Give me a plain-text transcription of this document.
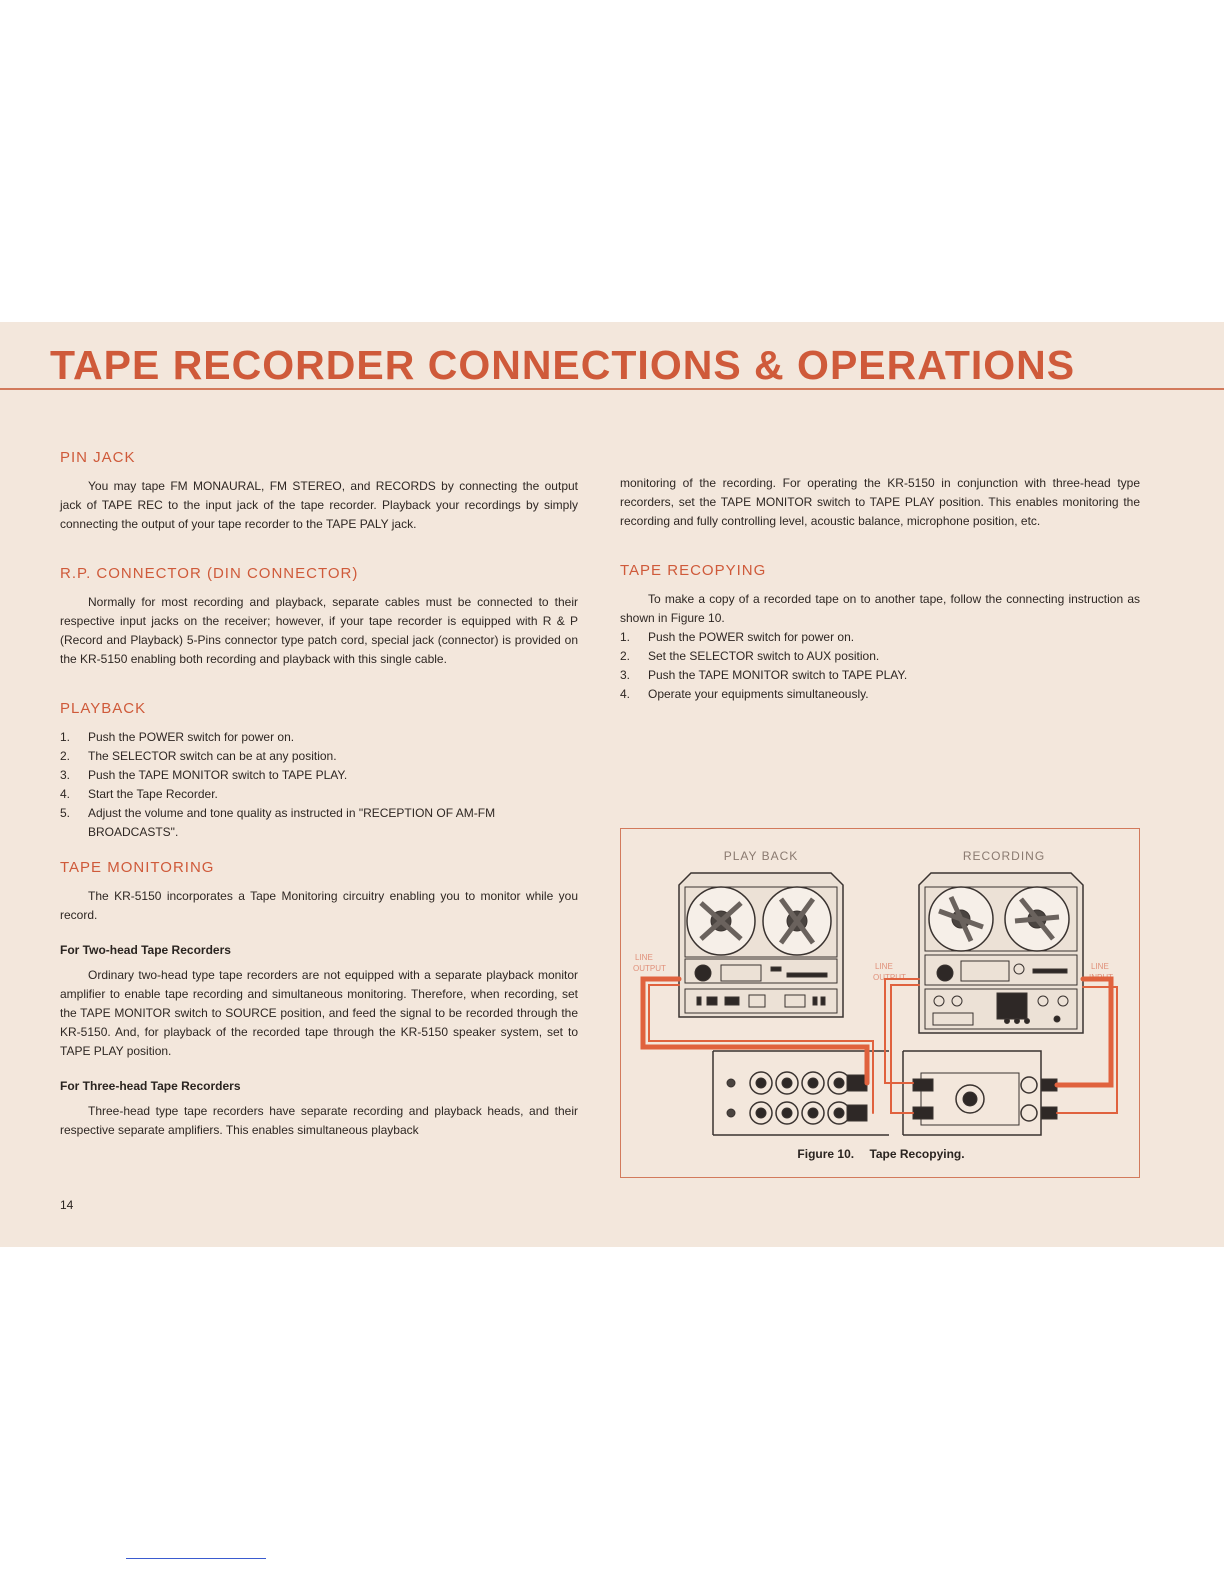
TAPE RECORDER CONNECTIONS & OPERATIONS
PIN JACK

You may tape FM MONAURAL, FM STEREO, and RECORDS by connecting the output jack of TAPE REC to the input jack of the tape recorder. Playback your recordings by simply connecting the output of your tape recorder to the TAPE PALY jack.

R.P. CONNECTOR (DIN CONNECTOR)

Normally for most recording and playback, separate cables must be connected to their respective input jacks on the receiver; however, if your tape recorder is equipped with R & P (Record and Playback) 5-Pins connector type patch cord, special jack (connector) is provided on the KR-5150 enabling both recording and playback with this single cable.

PLAYBACK
1. Push the POWER switch for power on.
2. The SELECTOR switch can be at any position.
3. Push the TAPE MONITOR switch to TAPE PLAY.
4. Start the Tape Recorder.
5. Adjust the volume and tone quality as instructed in "RECEPTION OF AM-FM BROADCASTS".
TAPE MONITORING

The KR-5150 incorporates a Tape Monitoring circuitry enabling you to monitor while you record.

For Two-head Tape Recorders

Ordinary two-head type tape recorders are not equipped with a separate playback monitor amplifier to enable tape recording and simultaneous monitoring. Therefore, when recording, set the TAPE MONITOR switch to SOURCE position, and feed the signal to be recorded through the KR-5150. And, for playback of the recorded tape through the KR-5150 speaker system, set to TAPE PLAY position.

For Three-head Tape Recorders

Three-head type tape recorders have separate recording and playback heads, and their respective separate amplifiers. This enables simultaneous playback

14

monitoring of the recording. For operating the KR-5150 in conjunction with three-head type recorders, set the TAPE MONITOR switch to TAPE PLAY position. This enables monitoring the recording and fully controlling level, acoustic balance, microphone position, etc.

TAPE RECOPYING

To make a copy of a recorded tape on to another tape, follow the connecting instruction as shown in Figure 10.

1. Push the POWER switch for power on.
2. Set the SELECTOR switch to AUX position.
3. Push the TAPE MONITOR switch to TAPE PLAY.
4. Operate your equipments simultaneously.
PLAY BACK	RECORDING
LINE
OUTPUT	LINE
OUTPUT
LINE
INPUT
Figure 10. Tape Recopying.
